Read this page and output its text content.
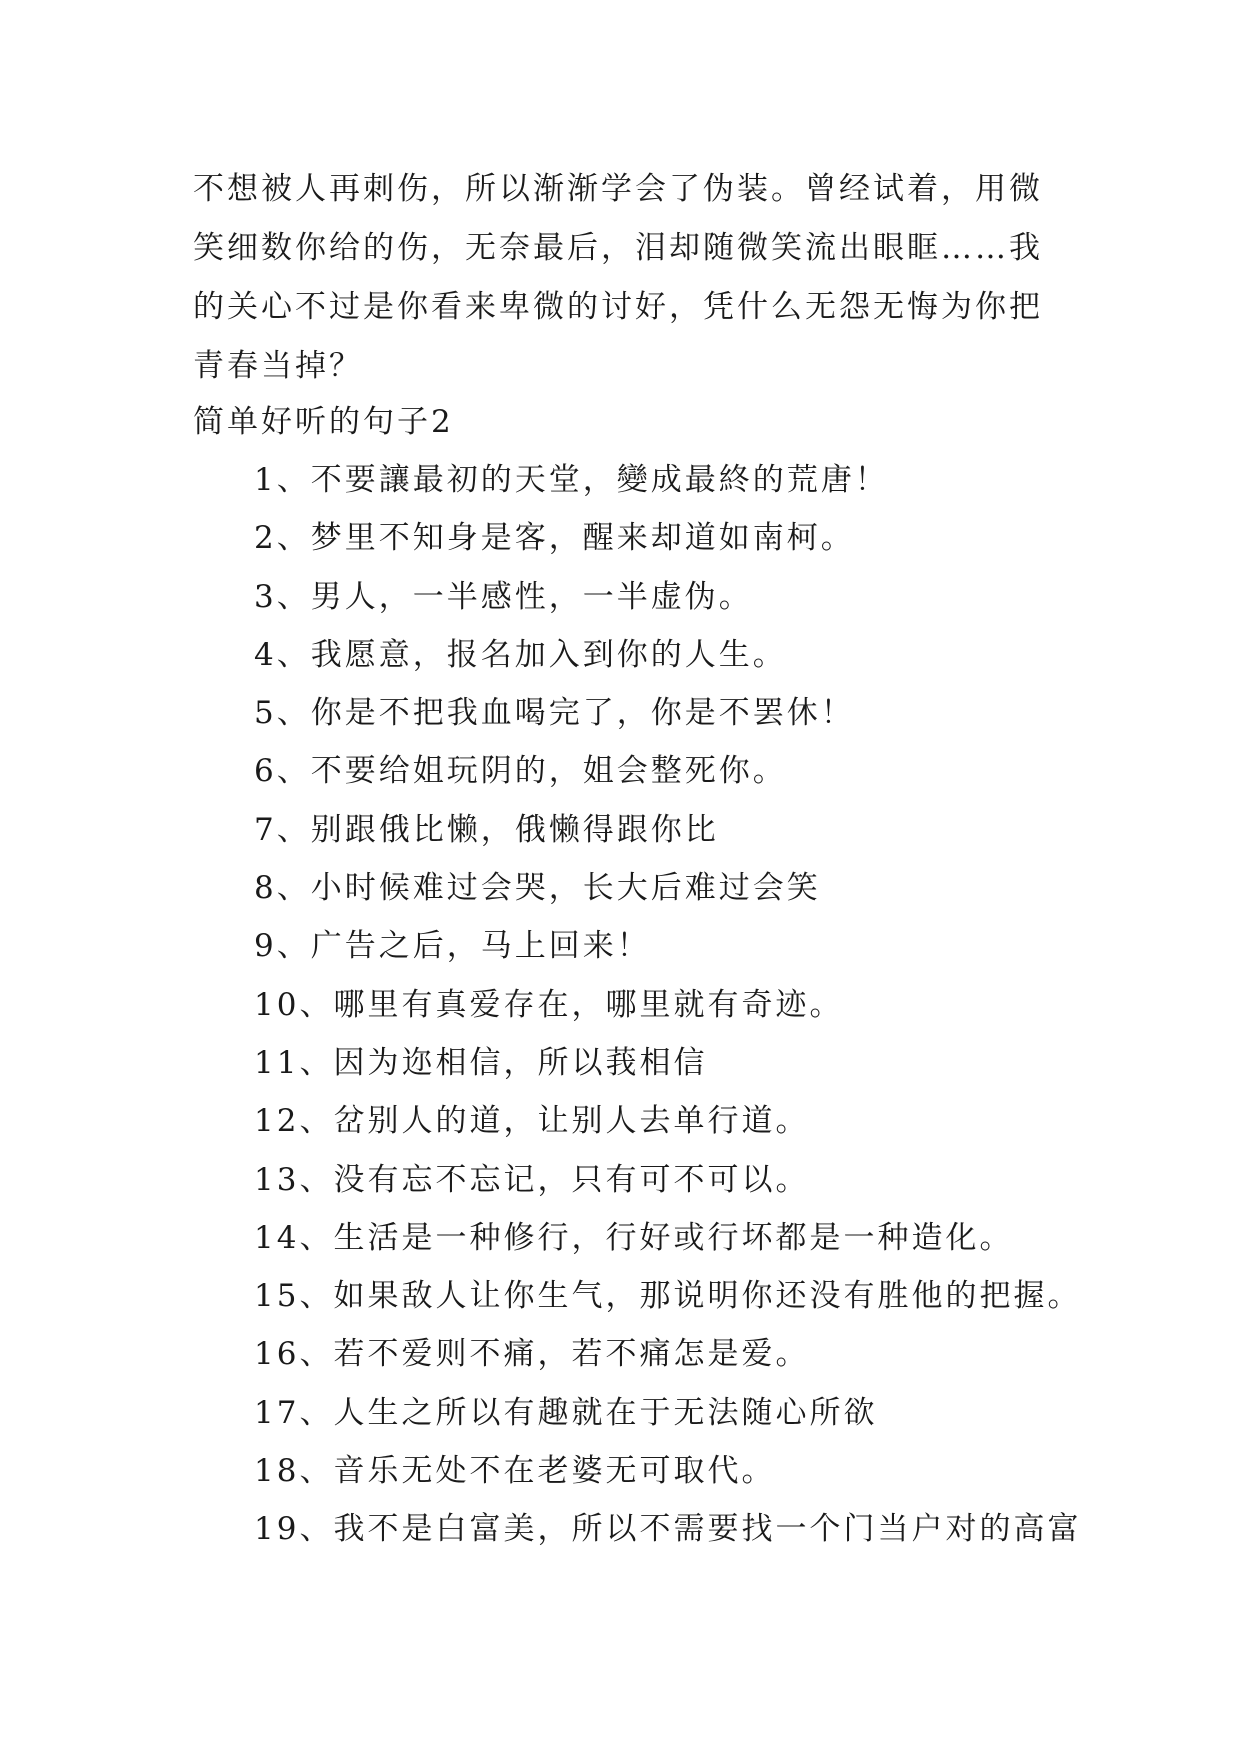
不想被人再刺伤，所以渐渐学会了伪装。曾经试着，用微笑细数你给的伤，无奈最后，泪却随微笑流出眼眶……我的关心不过是你看来卑微的讨好，凭什么无怨无悔为你把青春当掉？

简单好听的句子2

1、不要讓最初的天堂，變成最終的荒唐！
2、梦里不知身是客，醒来却道如南柯。
3、男人，一半感性，一半虚伪。
4、我愿意，报名加入到你的人生。
5、你是不把我血喝完了，你是不罢休！
6、不要给姐玩阴的，姐会整死你。
7、别跟俄比懒，俄懒得跟你比
8、小时候难过会哭，长大后难过会笑
9、广告之后，马上回来！
10、哪里有真爱存在，哪里就有奇迹。
11、因为迩相信，所以莪相信
12、岔别人的道，让别人去单行道。
13、没有忘不忘记，只有可不可以。
14、生活是一种修行，行好或行坏都是一种造化。
15、如果敌人让你生气，那说明你还没有胜他的把握。
16、若不爱则不痛，若不痛怎是爱。
17、人生之所以有趣就在于无法随心所欲
18、音乐无处不在老婆无可取代。
19、我不是白富美，所以不需要找一个门当户对的高富
